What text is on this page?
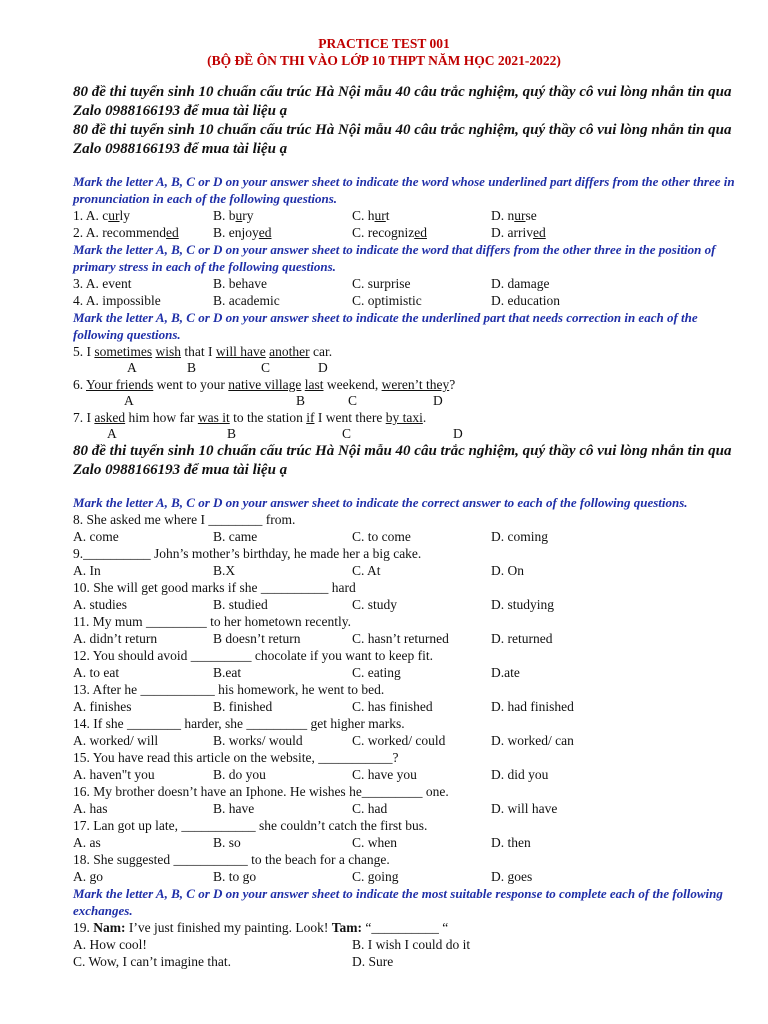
PRACTICE TEST 001
(BỘ ĐỀ ÔN THI VÀO LỚP 10 THPT NĂM HỌC 2021-2022)
80 đề thi tuyển sinh 10 chuẩn cấu trúc Hà Nội mẫu 40 câu trắc nghiệm, quý thầy cô vui lòng nhắn tin qua Zalo 0988166193 để mua tài liệu ạ
80 đề thi tuyển sinh 10 chuẩn cấu trúc Hà Nội mẫu 40 câu trắc nghiệm, quý thầy cô vui lòng nhắn tin qua Zalo 0988166193 để mua tài liệu ạ
Mark the letter A, B, C or D on your answer sheet to indicate the word whose underlined part differs from the other three in pronunciation in each of the following questions.
1. A. curly	B. bury	C. hurt	D. nurse
2. A. recommended	B. enjoyed	C. recognized	D. arrived
Mark the letter A, B, C or D on your answer sheet to indicate the word that differs from the other three in the position of primary stress in each of the following questions.
3. A. event	B. behave	C. surprise	D. damage
4. A. impossible	B. academic	C. optimistic	D. education
Mark the letter A, B, C or D on your answer sheet to indicate the underlined part that needs correction in each of the following questions.
5. I sometimes wish that I will have another car.
A	B	C	D
6. Your friends went to your native village last weekend, weren’t they?
A	B	C	D
7. I asked him how far was it to the station if I went there by taxi.
A	B	C	D
80 đề thi tuyển sinh 10 chuẩn cấu trúc Hà Nội mẫu 40 câu trắc nghiệm, quý thầy cô vui lòng nhắn tin qua Zalo 0988166193 để mua tài liệu ạ
Mark the letter A, B, C or D on your answer sheet to indicate the correct answer to each of the following questions.
8. She asked me where I ________ from.
A. come	B. came	C. to come	D. coming
9.__________ John’s mother’s birthday, he made her a big cake.
A. In	B.X	C. At	D. On
10. She will get good marks if she __________ hard
A. studies	B. studied	C. study	D. studying
11. My mum _________ to her hometown recently.
A. didn’t return	B doesn’t return	C. hasn’t returned	D. returned
12. You should avoid _________ chocolate if you want to keep fit.
A. to eat	B.eat	C. eating	D.ate
13. After he ___________ his homework, he went to bed.
A. finishes	B. finished	C. has finished	D. had finished
14. If she ________ harder, she _________ get higher marks.
A. worked/ will	B. works/ would	C. worked/ could	D. worked/ can
15. You have read this article on the website, ___________?
A. haven"t you	B. do you	C. have you	D. did you
16. My brother doesn’t have an Iphone. He wishes he_________ one.
A. has	B. have	C. had	D. will have
17. Lan got up late, ___________ she couldn’t catch the first bus.
A. as	B. so	C. when	D. then
18. She suggested ___________ to the beach for a change.
A. go	B. to go	C. going	D. goes
Mark the letter A, B, C or D on your answer sheet to indicate the most suitable response to complete each of the following exchanges.
19. Nam: I’ve just finished my painting. Look! Tam: “__________ “
A. How cool!	B. I wish I could do it
C. Wow, I can’t imagine that.	D. Sure
